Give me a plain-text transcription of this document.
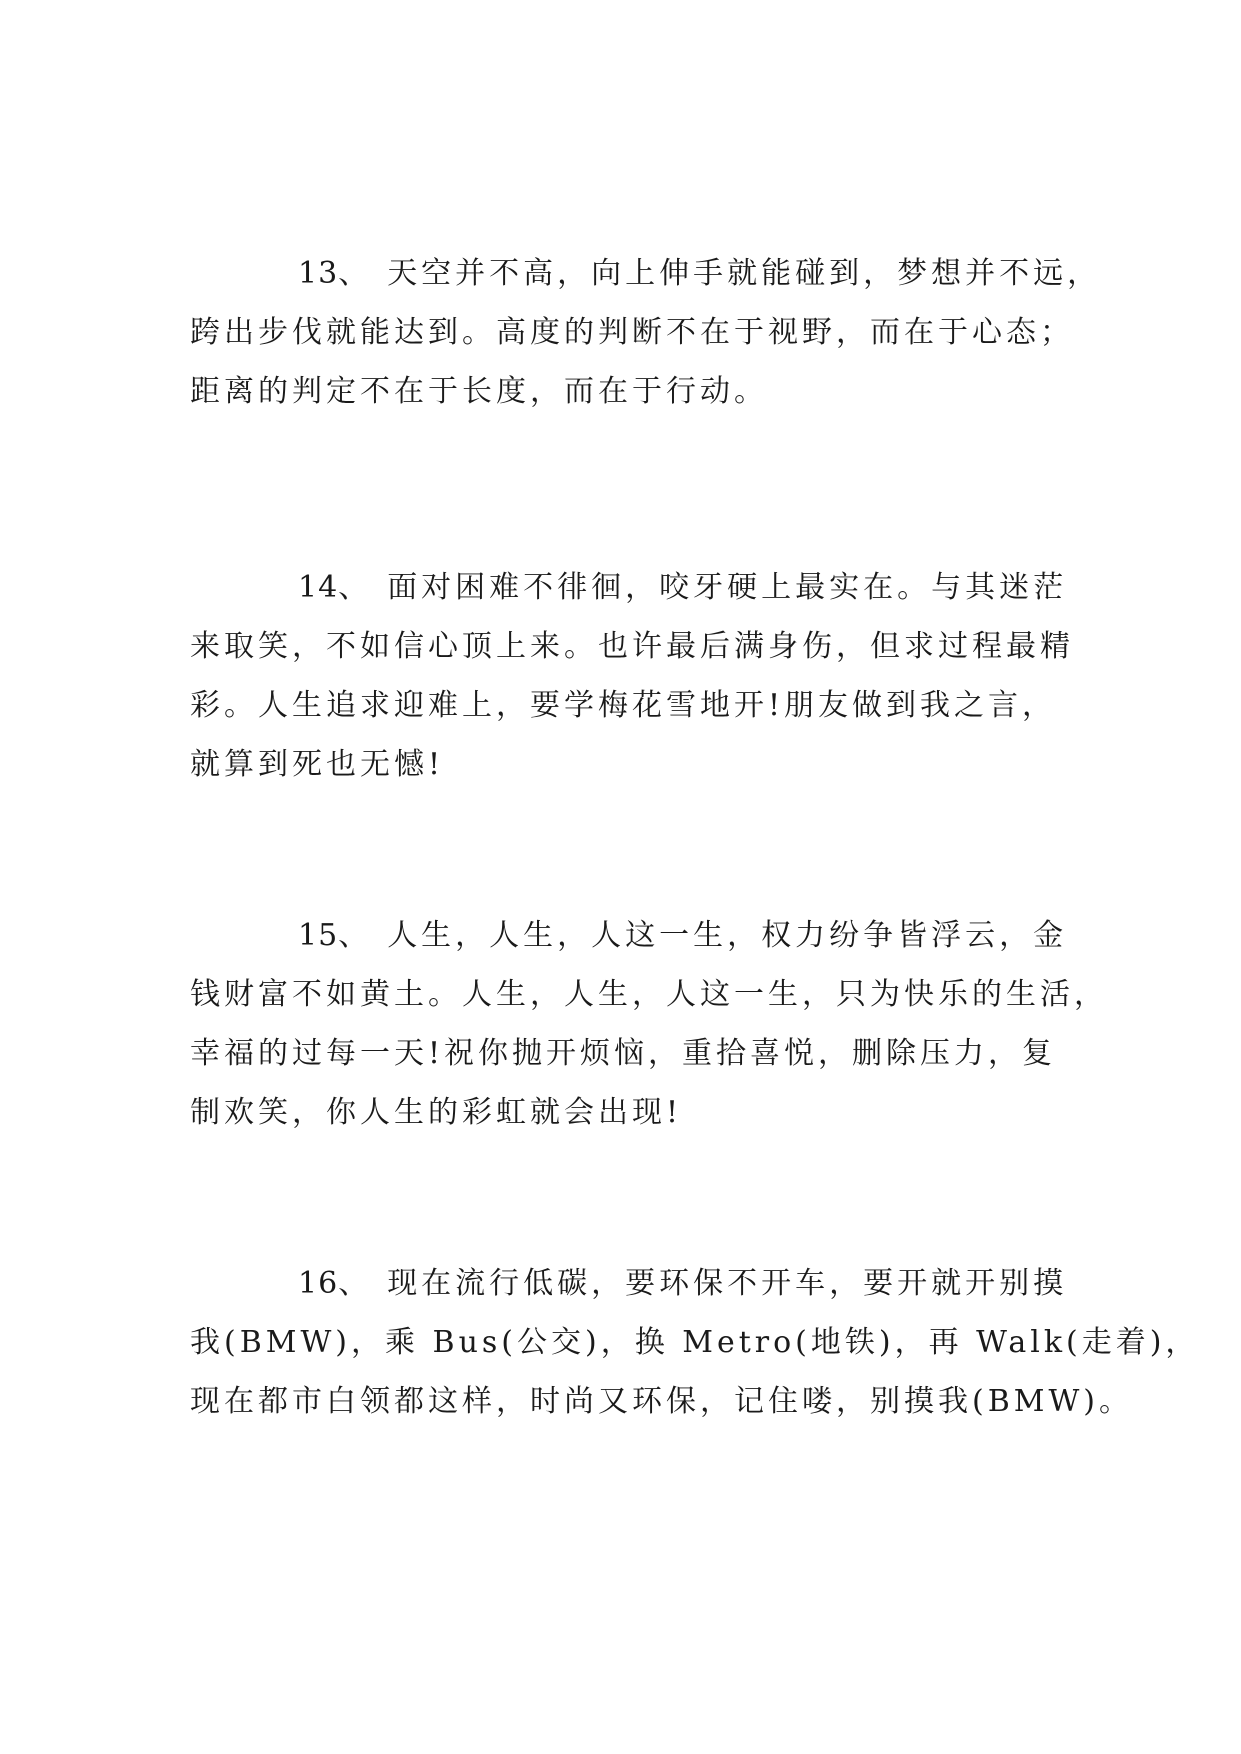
13、 天空并不高，向上伸手就能碰到，梦想并不远，
跨出步伐就能达到。高度的判断不在于视野，而在于心态；
距离的判定不在于长度，而在于行动。

14、 面对困难不徘徊，咬牙硬上最实在。与其迷茫
来取笑，不如信心顶上来。也许最后满身伤，但求过程最精
彩。人生追求迎难上，要学梅花雪地开!朋友做到我之言，
就算到死也无憾!

15、 人生，人生，人这一生，权力纷争皆浮云，金
钱财富不如黄土。人生，人生，人这一生，只为快乐的生活，
幸福的过每一天!祝你抛开烦恼，重拾喜悦，删除压力，复
制欢笑，你人生的彩虹就会出现!

16、 现在流行低碳，要环保不开车，要开就开别摸
我(BMW)，乘 Bus(公交)，换 Metro(地铁)，再 Walk(走着)，
现在都市白领都这样，时尚又环保，记住喽，别摸我(BMW)。
